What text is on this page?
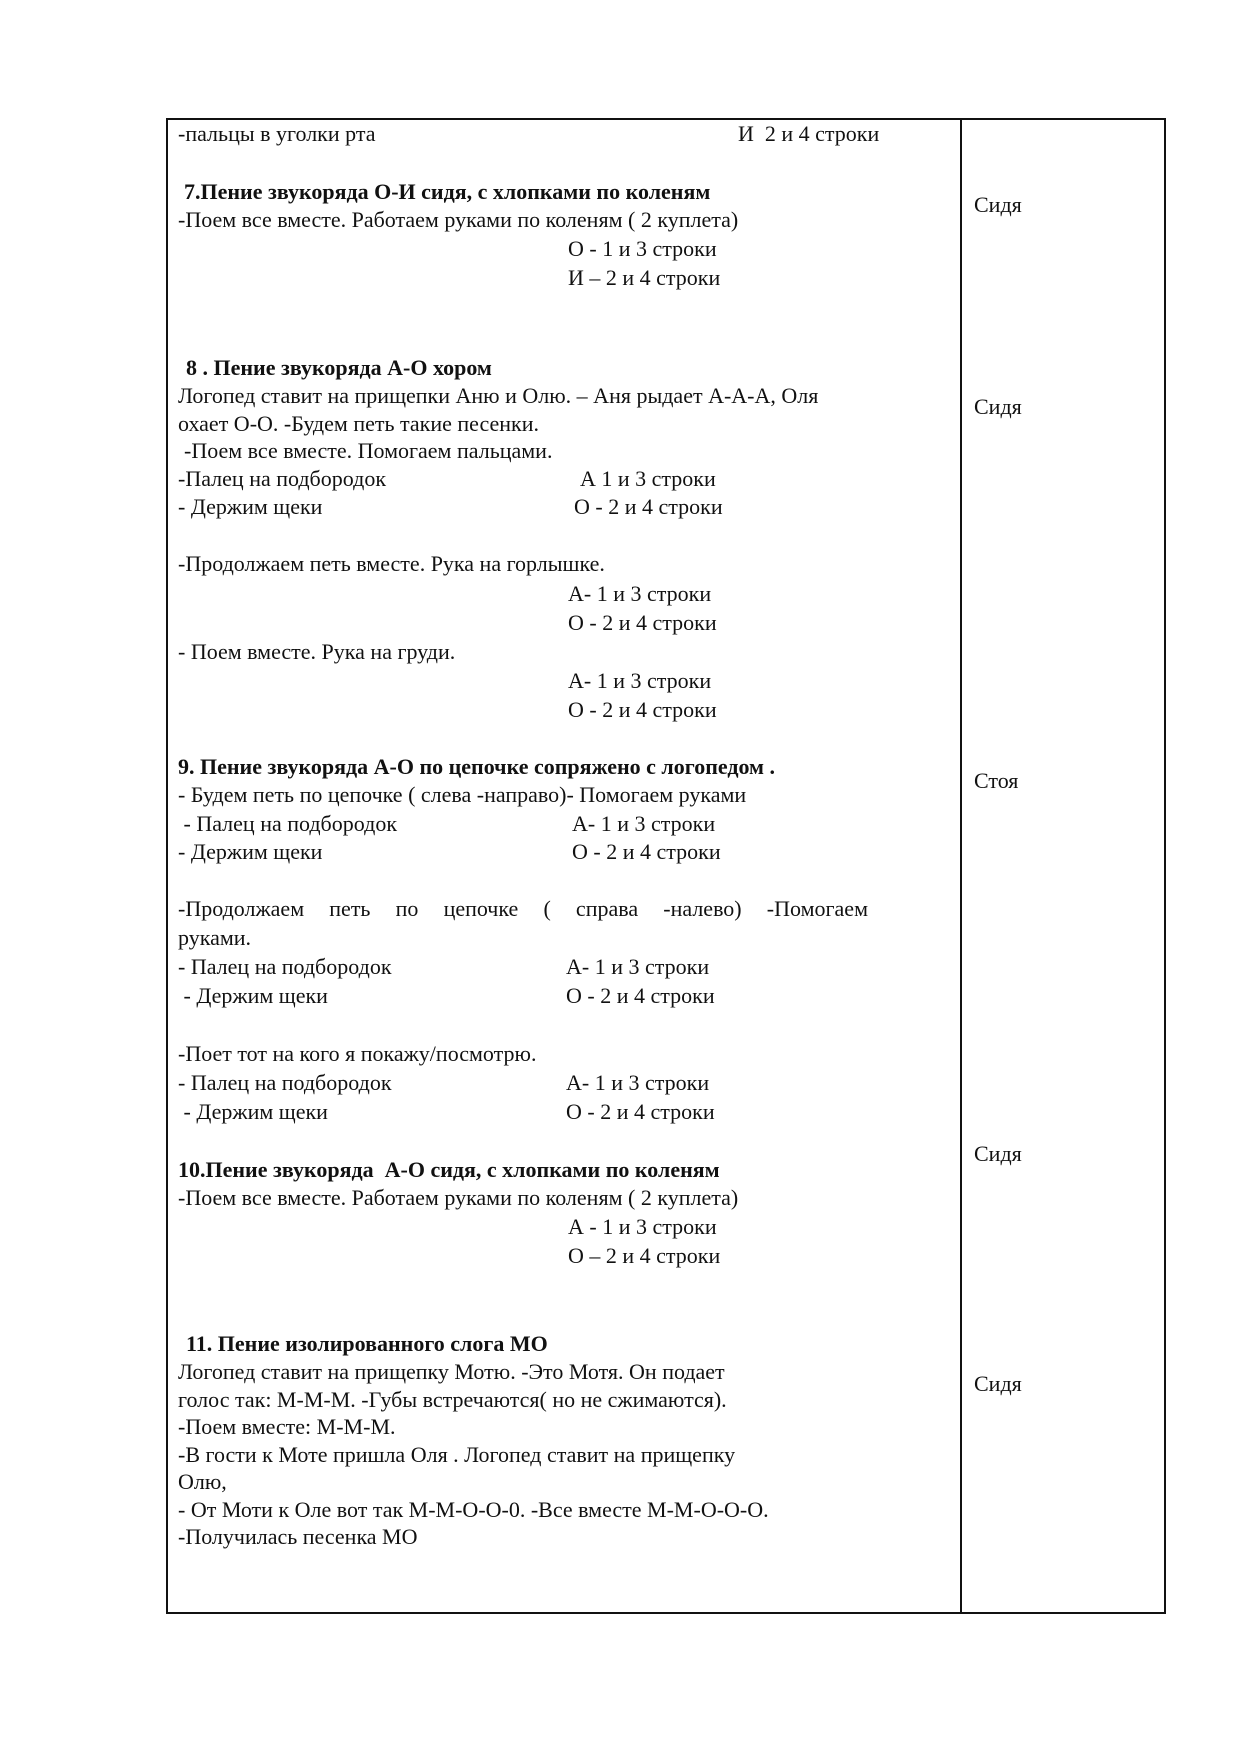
-пальцы в уголки рта	И  2 и 4 строки
7.Пение звукоряда О-И сидя, с хлопками по коленям
-Поем все вместе. Работаем руками по коленям ( 2 куплета)
О - 1 и 3 строки
И – 2 и 4 строки
Сидя
8 . Пение звукоряда А-О хором
Логопед ставит на прищепки Аню и Олю. – Аня рыдает А-А-А, Оля
охает О-О. -Будем петь такие песенки.
-Поем все вместе. Помогаем пальцами.
-Палец на подбородок	А 1 и 3 строки
- Держим щеки	О - 2 и 4 строки
-Продолжаем петь вместе. Рука на горлышке.
А- 1 и 3 строки
О - 2 и 4 строки
- Поем вместе. Рука на груди.
А- 1 и 3 строки
О - 2 и 4 строки
Сидя
9. Пение звукоряда А-О по цепочке сопряжено с логопедом .
- Будем петь по цепочке ( слева -направо)- Помогаем руками
- Палец на подбородок	А- 1 и 3 строки
- Держим щеки	О - 2 и 4 строки
-Продолжаем петь по цепочке ( справа -налево) -Помогаем
руками.
- Палец на подбородок	А- 1 и 3 строки
- Держим щеки	О - 2 и 4 строки
-Поет тот на кого я покажу/посмотрю.
- Палец на подбородок	А- 1 и 3 строки
- Держим щеки	О - 2 и 4 строки
Стоя
10.Пение звукоряда  А-О сидя, с хлопками по коленям
-Поем все вместе. Работаем руками по коленям ( 2 куплета)
А - 1 и 3 строки
О – 2 и 4 строки
Сидя
11. Пение изолированного слога МО
Логопед ставит на прищепку Мотю. -Это Мотя. Он подает
голос так: М-М-М. -Губы встречаются( но не сжимаются).
-Поем вместе: М-М-М.
-В гости к Моте пришла Оля . Логопед ставит на прищепку
Олю,
- От Моти к Оле вот так М-М-О-О-0. -Все вместе М-М-О-О-О.
-Получилась песенка МО
Сидя
